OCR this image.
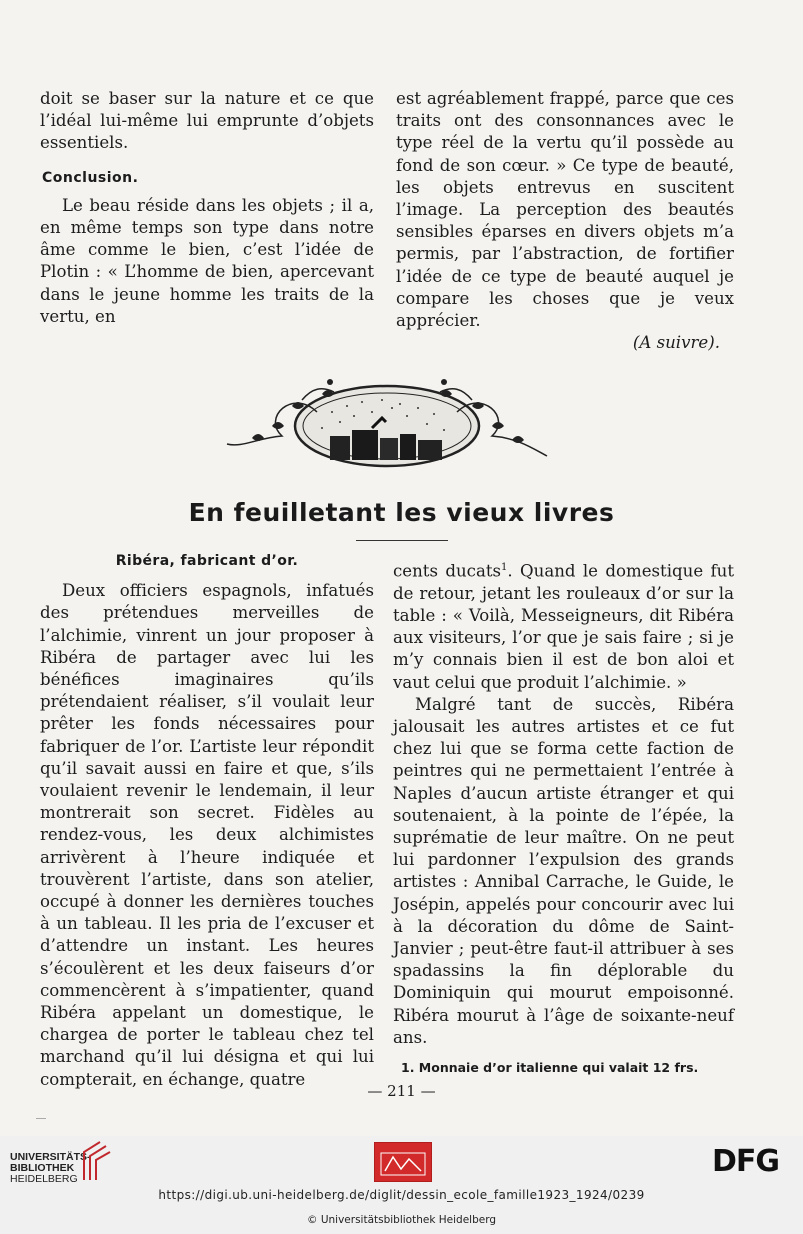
doit se baser sur la nature et ce que l’idéal lui-même lui emprunte d’objets essentiels.

Conclusion.

Le beau réside dans les objets ; il a, en même temps son type dans notre âme comme le bien, c’est l’idée de Plotin : « L’homme de bien, apercevant dans le jeune homme les traits de la vertu, en

est agréablement frappé, parce que ces traits ont des consonnances avec le type réel de la vertu qu’il possède au fond de son cœur. » Ce type de beauté, les objets entrevus en suscitent l’image. La perception des beautés sensibles éparses en divers objets m’a permis, par l’abstraction, de fortifier l’idée de ce type de beauté auquel je compare les choses que je veux apprécier.

(A suivre).

En feuilletant les vieux livres
Ribéra, fabricant d’or.

Deux officiers espagnols, infatués des prétendues merveilles de l’alchimie, vinrent un jour proposer à Ribéra de partager avec lui les bénéfices imaginaires qu’ils prétendaient réaliser, s’il voulait leur prêter les fonds nécessaires pour fabriquer de l’or. L’artiste leur répondit qu’il savait aussi en faire et que, s’ils voulaient revenir le lendemain, il leur montrerait son secret. Fidèles au rendez-vous, les deux alchimistes arrivèrent à l’heure indiquée et trouvèrent l’artiste, dans son atelier, occupé à donner les dernières touches à un tableau. Il les pria de l’excuser et d’attendre un instant. Les heures s’écoulèrent et les deux faiseurs d’or commencèrent à s’impatienter, quand Ribéra appelant un domestique, le chargea de porter le tableau chez tel marchand qu’il lui désigna et qui lui compterait, en échange, quatre

cents ducats$^1$. Quand le domestique fut de retour, jetant les rouleaux d’or sur la table : « Voilà, Messeigneurs, dit Ribéra aux visiteurs, l’or que je sais faire ; si je m’y connais bien il est de bon aloi et vaut celui que produit l’alchimie. »

Malgré tant de succès, Ribéra jalousait les autres artistes et ce fut chez lui que se forma cette faction de peintres qui ne permettaient l’entrée à Naples d’aucun artiste étranger et qui soutenaient, à la pointe de l’épée, la suprématie de leur maître. On ne peut lui pardonner l’expulsion des grands artistes : Annibal Carrache, le Guide, le Josépin, appelés pour concourir avec lui à la décoration du dôme de Saint-Janvier ; peut-être faut-il attribuer à ses spadassins la fin déplorable du Dominiquin qui mourut empoisonné. Ribéra mourut à l’âge de soixante-neuf ans.

1. Monnaie d’or italienne qui valait 12 frs.
— 211 —
UNIVERSITÄTS-
BIBLIOTHEK
HEIDELBERG	DFG
https://digi.ub.uni-heidelberg.de/diglit/dessin_ecole_famille1923_1924/0239
© Universitätsbibliothek Heidelberg
